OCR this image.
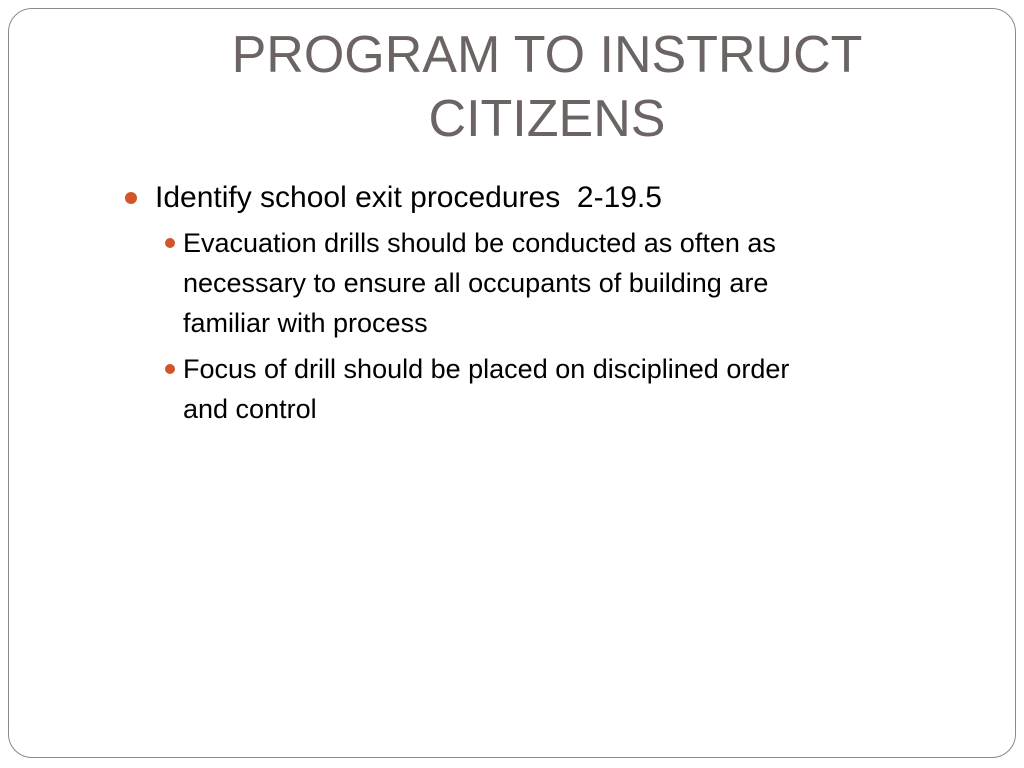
PROGRAM TO INSTRUCT
CITIZENS
Identify school exit procedures  2-19.5
Evacuation drills should be conducted as often as
necessary to ensure all occupants of building are
familiar with process
Focus of drill should be placed on disciplined order
and control
